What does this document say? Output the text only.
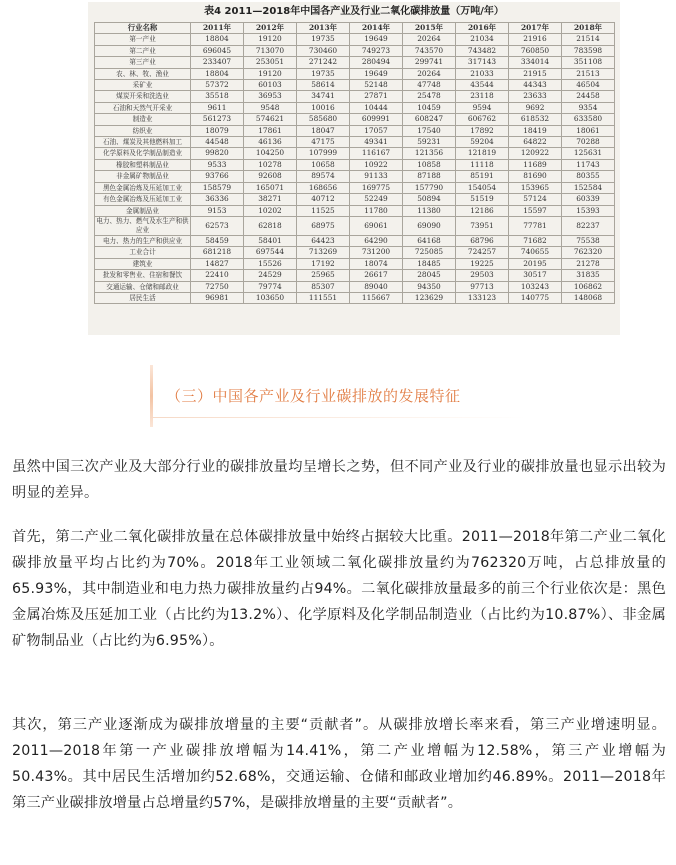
表4 2011—2018年中国各产业及行业二氧化碳排放量（万吨/年）
行业名称	2011年	2012年	2013年	2014年	2015年	2016年	2017年	2018年
第一产业	18804	19120	19735	19649	20264	21034	21916	21514
第二产业	696045	713070	730460	749273	743570	743482	760850	783598
第三产业	233407	253051	271242	280494	299741	317143	334014	351108
农、林、牧、渔业	18804	19120	19735	19649	20264	21033	21915	21513
采矿业	57372	60103	58614	52148	47748	43544	44343	46504
煤炭开采和洗选业	35518	36953	34741	27871	25478	23118	23633	24458
石油和天然气开采业	9611	9548	10016	10444	10459	9594	9692	9354
制造业	561273	574621	585680	609991	608247	606762	618532	633580
纺织业	18079	17861	18047	17057	17540	17892	18419	18061
石油、煤炭及其他燃料加工	44548	46136	47175	49341	59231	59204	64822	70288
化学原料及化学制品制造业	99820	104250	107999	116167	121356	121819	120922	125631
橡胶和塑料制品业	9533	10278	10658	10922	10858	11118	11689	11743
非金属矿物制品业	93766	92608	89574	91133	87188	85191	81690	80355
黑色金属冶炼及压延加工业	158579	165071	168656	169775	157790	154054	153965	152584
有色金属冶炼及压延加工业	36336	38271	40712	52249	50894	51519	57124	60339
金属制品业	9153	10202	11525	11780	11380	12186	15597	15393
电力、热力、燃气及水生产和供应业	62573	62818	68975	69061	69090	73951	77781	82237
电力、热力的生产和供应业	58459	58401	64423	64290	64168	68796	71682	75538
工业合计	681218	697544	713269	731200	725085	724257	740655	762320
建筑业	14827	15526	17192	18074	18485	19225	20195	21278
批发和零售业、住宿和餐饮	22410	24529	25965	26617	28045	29503	30517	31835
交通运输、仓储和邮政业	72750	79774	85307	89040	94350	97713	103243	106862
居民生活	96981	103650	111551	115667	123629	133123	140775	148068
（三）中国各产业及行业碳排放的发展特征

虽然中国三次产业及大部分行业的碳排放量均呈增长之势，但不同产业及行业的碳排放量也显示出较为明显的差异。

首先，第二产业二氧化碳排放量在总体碳排放量中始终占据较大比重。2011—2018年第二产业二氧化碳排放量平均占比约为70%。2018年工业领域二氧化碳排放量约为762320万吨，占总排放量的65.93%，其中制造业和电力热力碳排放量约占94%。二氧化碳排放量最多的前三个行业依次是：黑色金属冶炼及压延加工业（占比约为13.2%）、化学原料及化学制品制造业（占比约为10.87%）、非金属矿物制品业（占比约为6.95%）。

其次，第三产业逐渐成为碳排放增量的主要“贡献者”。从碳排放增长率来看，第三产业增速明显。2011—2018年第一产业碳排放增幅为14.41%，第二产业增幅为12.58%，第三产业增幅为50.43%。其中居民生活增加约52.68%，交通运输、仓储和邮政业增加约46.89%。2011—2018年第三产业碳排放增量占总增量约57%，是碳排放增量的主要“贡献者”。
